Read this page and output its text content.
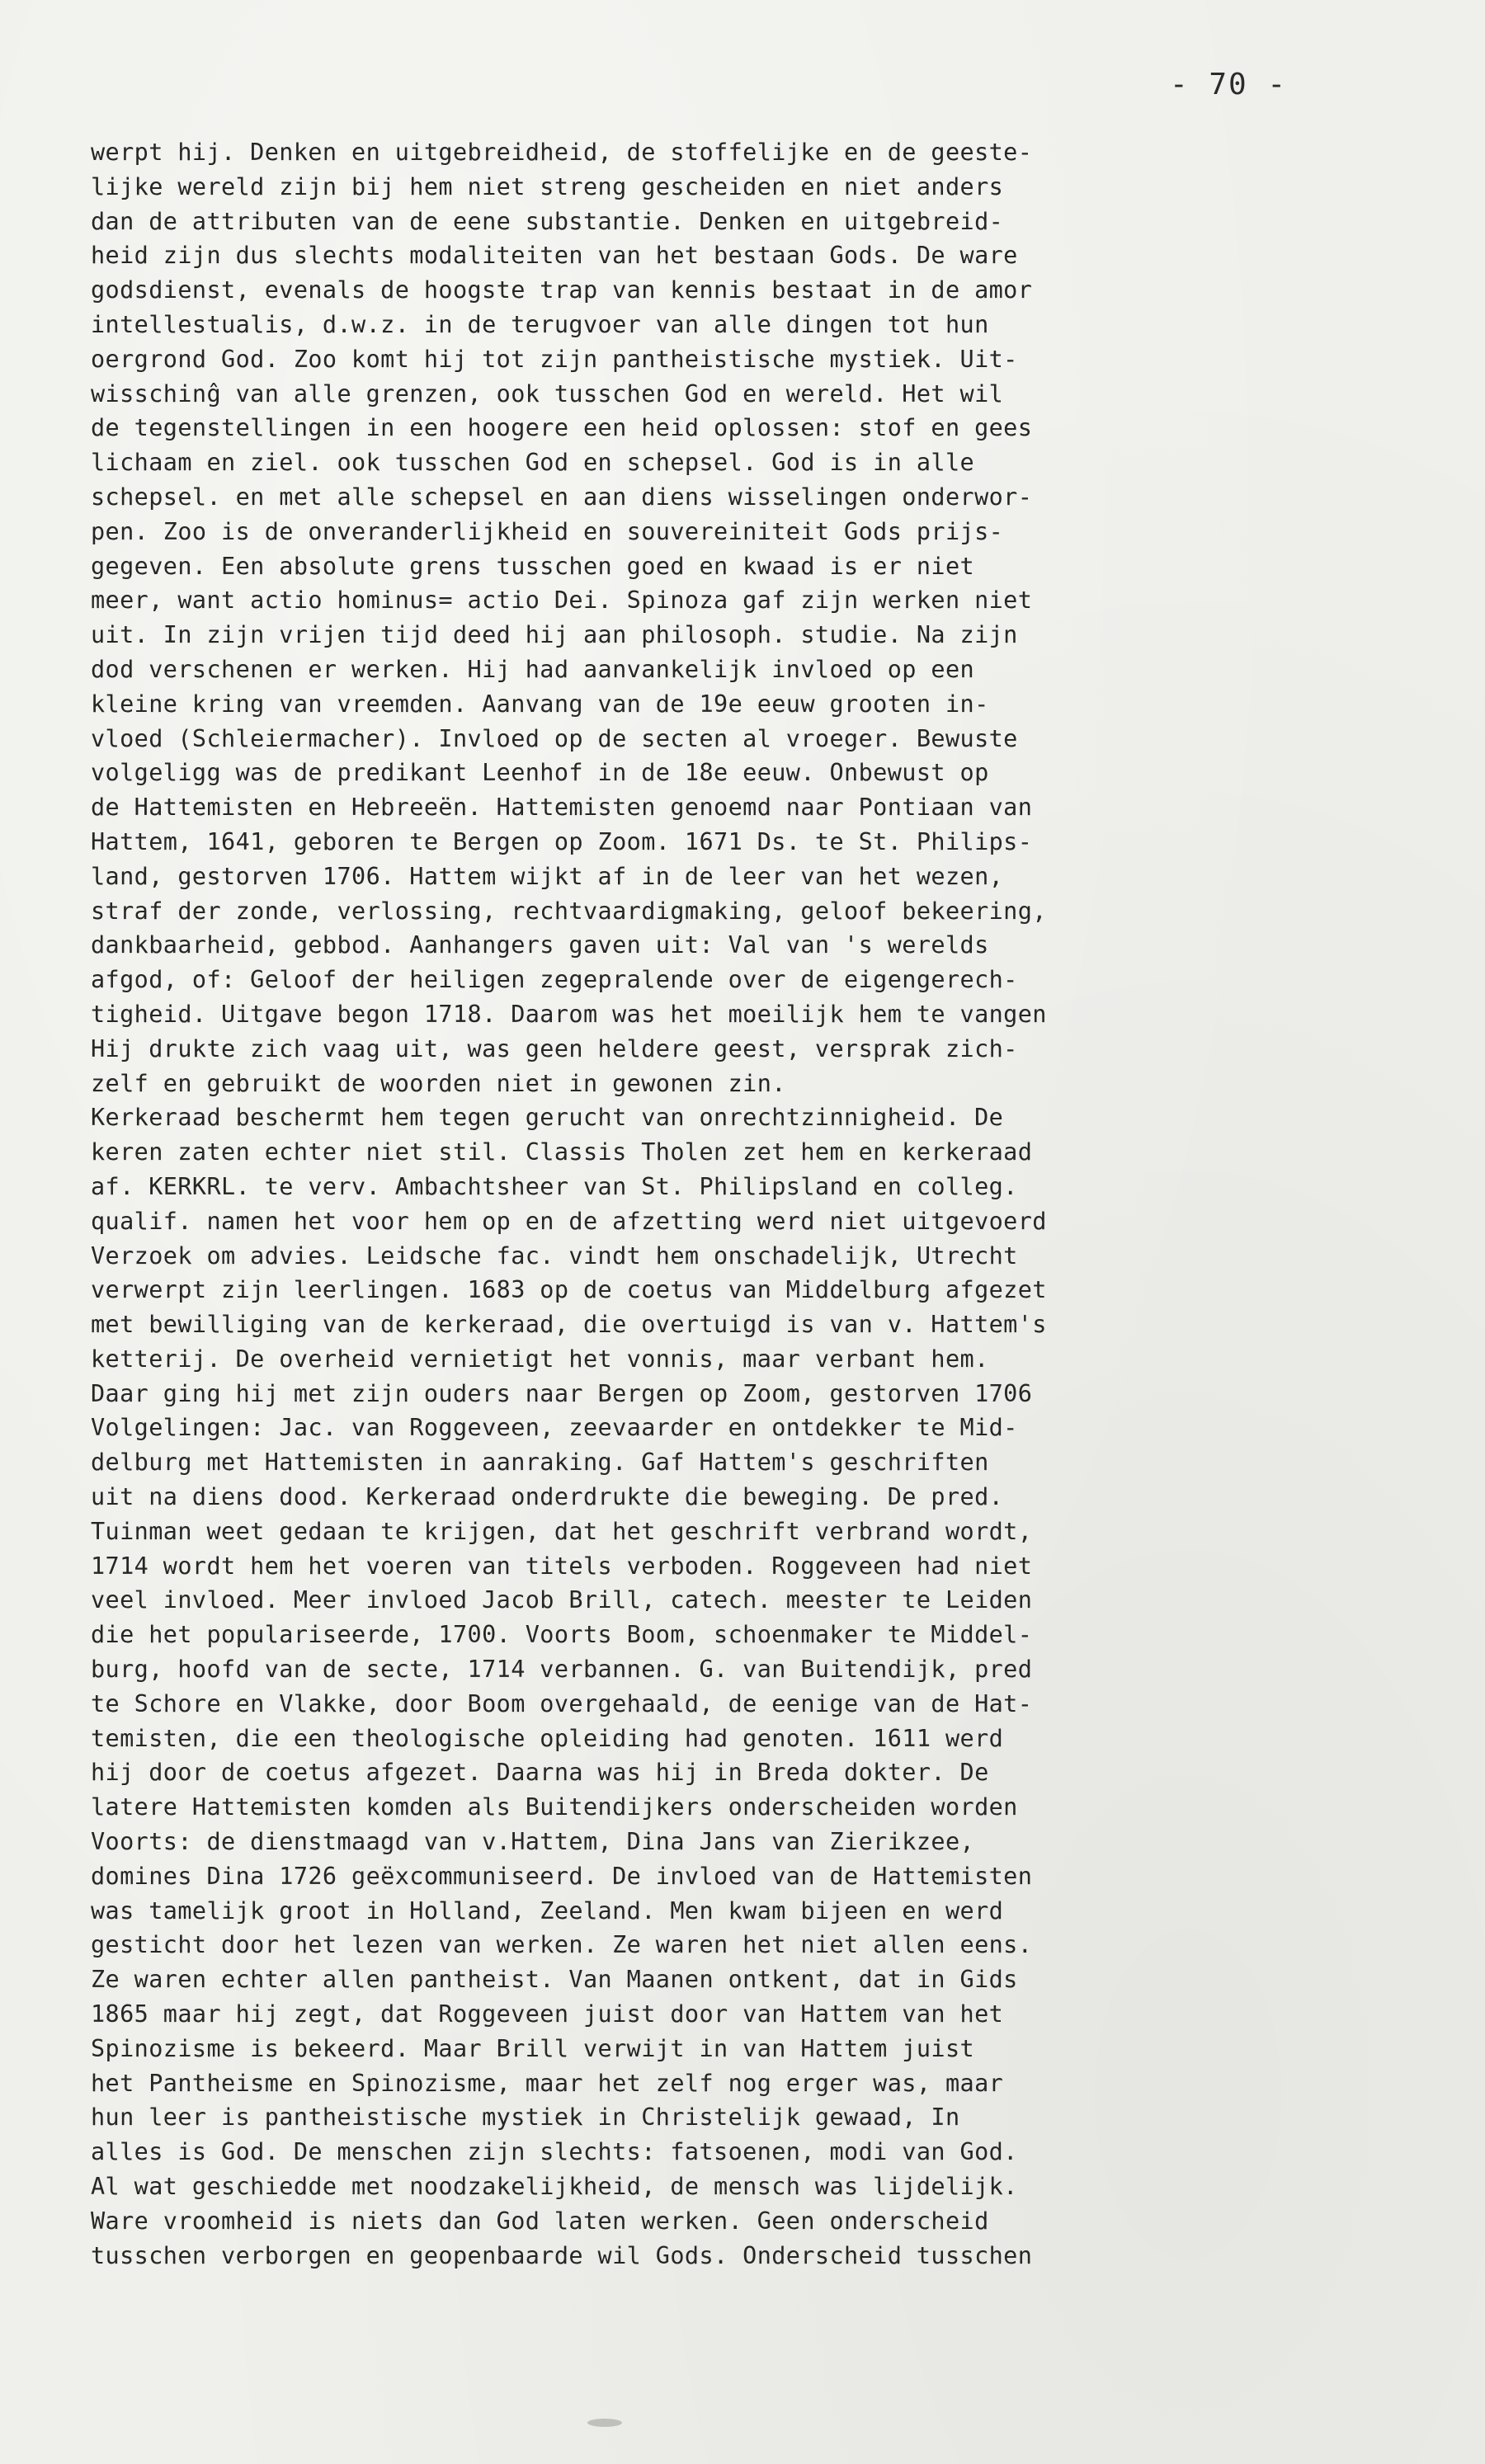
- 70 -
werpt hij. Denken en uitgebreidheid, de stoffelijke en de geeste-
lijke wereld zijn bij hem niet streng gescheiden en niet anders
dan de attributen van de eene substantie. Denken en uitgebreid-
heid zijn dus slechts modaliteiten van het bestaan Gods. De ware
godsdienst, evenals de hoogste trap van kennis bestaat in de amor
intellestualis, d.w.z. in de terugvoer van alle dingen tot hun
oergrond God. Zoo komt hij tot zijn pantheistische mystiek. Uit-
wisschinĝ van alle grenzen, ook tusschen God en wereld. Het wil
de tegenstellingen in een hoogere een heid oplossen: stof en gees
lichaam en ziel. ook tusschen God en schepsel. God is in alle
schepsel. en met alle schepsel en aan diens wisselingen onderwor-
pen. Zoo is de onveranderlijkheid en souvereiniteit Gods prijs-
gegeven. Een absolute grens tusschen goed en kwaad is er niet
meer, want actio hominus= actio Dei. Spinoza gaf zijn werken niet
uit. In zijn vrijen tijd deed hij aan philosoph. studie. Na zijn
dod verschenen er werken. Hij had aanvankelijk invloed op een
kleine kring van vreemden. Aanvang van de 19e eeuw grooten in-
vloed (Schleiermacher). Invloed op de secten al vroeger. Bewuste
volgeligg was de predikant Leenhof in de 18e eeuw. Onbewust op
de Hattemisten en Hebreeën. Hattemisten genoemd naar Pontiaan van
Hattem, 1641, geboren te Bergen op Zoom. 1671 Ds. te St. Philips-
land, gestorven 1706. Hattem wijkt af in de leer van het wezen,
straf der zonde, verlossing, rechtvaardigmaking, geloof bekeering,
dankbaarheid, gebbod. Aanhangers gaven uit: Val van 's werelds
afgod, of: Geloof der heiligen zegepralende over de eigengerech-
tigheid. Uitgave begon 1718. Daarom was het moeilijk hem te vangen
Hij drukte zich vaag uit, was geen heldere geest, versprak zich-
zelf en gebruikt de woorden niet in gewonen zin.
Kerkeraad beschermt hem tegen gerucht van onrechtzinnigheid. De
keren zaten echter niet stil. Classis Tholen zet hem en kerkeraad
af. KERKRL. te verv. Ambachtsheer van St. Philipsland en colleg.
qualif. namen het voor hem op en de afzetting werd niet uitgevoerd
Verzoek om advies. Leidsche fac. vindt hem onschadelijk, Utrecht
verwerpt zijn leerlingen. 1683 op de coetus van Middelburg afgezet
met bewilliging van de kerkeraad, die overtuigd is van v. Hattem's
ketterij. De overheid vernietigt het vonnis, maar verbant hem.
Daar ging hij met zijn ouders naar Bergen op Zoom, gestorven 1706
Volgelingen: Jac. van Roggeveen, zeevaarder en ontdekker te Mid-
delburg met Hattemisten in aanraking. Gaf Hattem's geschriften
uit na diens dood. Kerkeraad onderdrukte die beweging. De pred.
Tuinman weet gedaan te krijgen, dat het geschrift verbrand wordt,
1714 wordt hem het voeren van titels verboden. Roggeveen had niet
veel invloed. Meer invloed Jacob Brill, catech. meester te Leiden
die het populariseerde, 1700. Voorts Boom, schoenmaker te Middel-
burg, hoofd van de secte, 1714 verbannen. G. van Buitendijk, pred
te Schore en Vlakke, door Boom overgehaald, de eenige van de Hat-
temisten, die een theologische opleiding had genoten. 1611 werd
hij door de coetus afgezet. Daarna was hij in Breda dokter. De
latere Hattemisten komden als Buitendijkers onderscheiden worden
Voorts: de dienstmaagd van v.Hattem, Dina Jans van Zierikzee,
domines Dina 1726 geëxcommuniseerd. De invloed van de Hattemisten
was tamelijk groot in Holland, Zeeland. Men kwam bijeen en werd
gesticht door het lezen van werken. Ze waren het niet allen eens.
Ze waren echter allen pantheist. Van Maanen ontkent, dat in Gids
1865 maar hij zegt, dat Roggeveen juist door van Hattem van het
Spinozisme is bekeerd. Maar Brill verwijt in van Hattem juist
het Pantheisme en Spinozisme, maar het zelf nog erger was, maar
hun leer is pantheistische mystiek in Christelijk gewaad, In
alles is God. De menschen zijn slechts: fatsoenen, modi van God.
Al wat geschiedde met noodzakelijkheid, de mensch was lijdelijk.
Ware vroomheid is niets dan God laten werken. Geen onderscheid
tusschen verborgen en geopenbaarde wil Gods. Onderscheid tusschen
